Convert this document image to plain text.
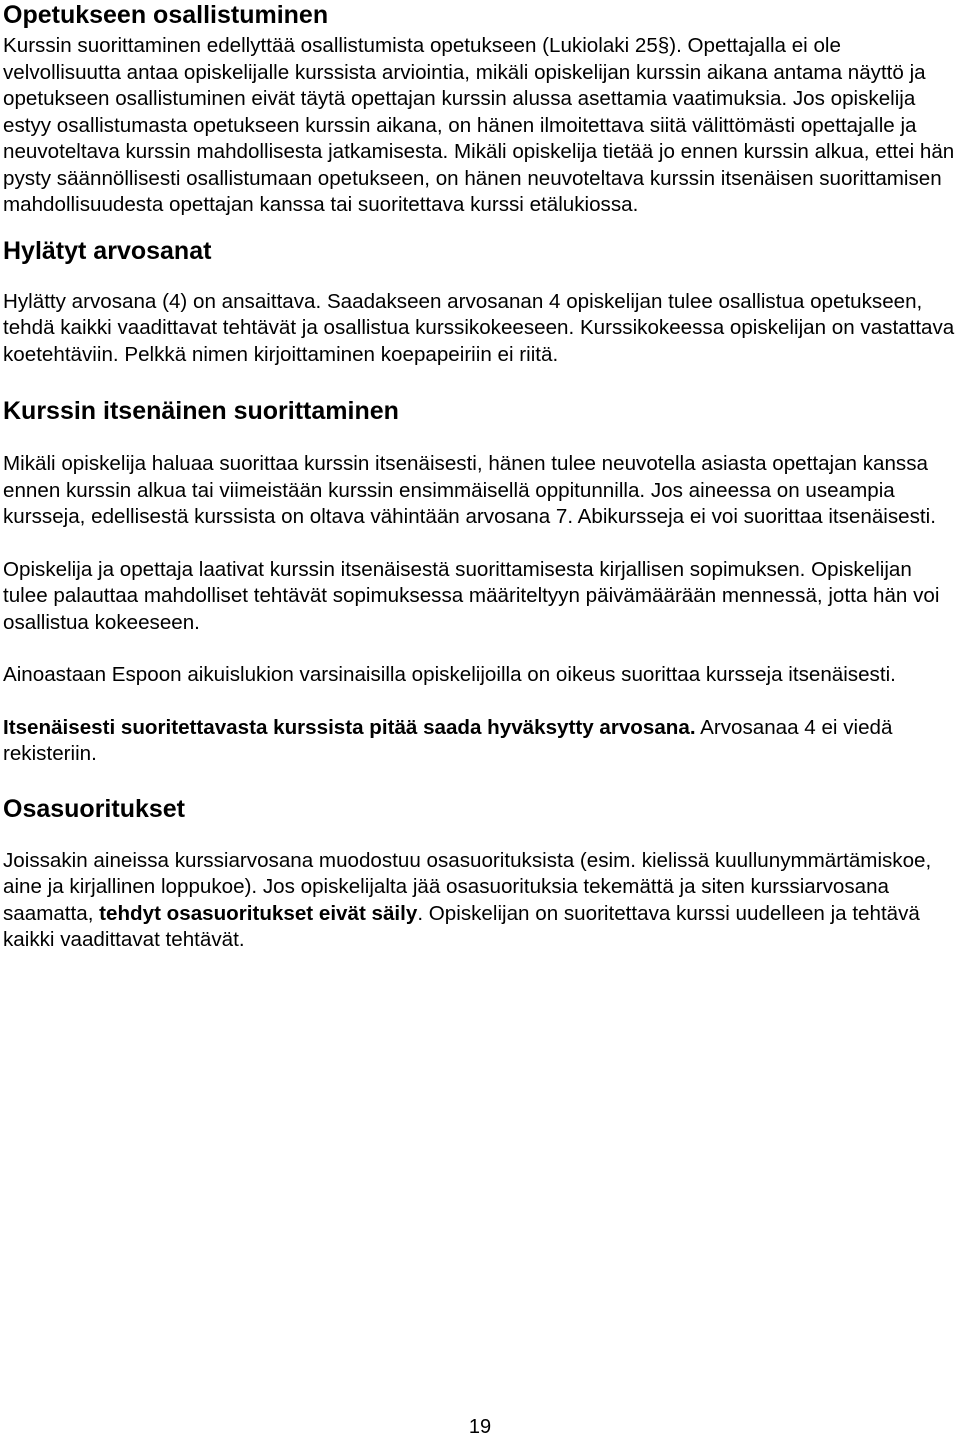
Opetukseen osallistuminen

Kurssin suorittaminen edellyttää osallistumista opetukseen (Lukiolaki 25§). Opettajalla ei ole velvollisuutta antaa opiskelijalle kurssista arviointia, mikäli opiskelijan kurssin aikana antama näyttö ja opetukseen osallistuminen eivät täytä opettajan kurssin alussa asettamia vaatimuksia. Jos opiskelija estyy osallistumasta opetukseen kurssin aikana, on hänen ilmoitettava siitä välittömästi opettajalle ja neuvoteltava kurssin mahdollisesta jatkamisesta. Mikäli opiskelija tietää jo ennen kurssin alkua, ettei hän pysty säännöllisesti osallistumaan opetukseen, on hänen neuvoteltava kurssin itsenäisen suorittamisen mahdollisuudesta opettajan kanssa tai suoritettava kurssi etälukiossa.

Hylätyt arvosanat

Hylätty arvosana (4) on ansaittava. Saadakseen arvosanan 4 opiskelijan tulee osallistua opetukseen, tehdä kaikki vaadittavat tehtävät ja osallistua kurssikokeeseen. Kurssikokeessa opiskelijan on vastattava koetehtäviin. Pelkkä nimen kirjoittaminen koepapeiriin ei riitä.

Kurssin itsenäinen suorittaminen

Mikäli opiskelija haluaa suorittaa kurssin itsenäisesti, hänen tulee neuvotella asiasta opettajan kanssa ennen kurssin alkua tai viimeistään kurssin ensimmäisellä oppitunnilla. Jos aineessa on useampia kursseja, edellisestä kurssista on oltava vähintään arvosana 7. Abikursseja ei voi suorittaa itsenäisesti.

Opiskelija ja opettaja laativat kurssin itsenäisestä suorittamisesta kirjallisen sopimuksen. Opiskelijan tulee palauttaa mahdolliset tehtävät sopimuksessa määriteltyyn päivämäärään mennessä, jotta hän voi osallistua kokeeseen.

Ainoastaan Espoon aikuislukion varsinaisilla opiskelijoilla on oikeus suorittaa kursseja itsenäisesti.

Itsenäisesti suoritettavasta kurssista pitää saada hyväksytty arvosana. Arvosanaa 4 ei viedä rekisteriin.

Osasuoritukset

Joissakin aineissa kurssiarvosana muodostuu osasuorituksista (esim. kielissä kuullunymmärtämiskoe, aine ja kirjallinen loppukoe). Jos opiskelijalta jää osasuorituksia tekemättä ja siten kurssiarvosana saamatta, tehdyt osasuoritukset eivät säily. Opiskelijan on suoritettava kurssi uudelleen ja tehtävä kaikki vaadittavat tehtävät.

19
